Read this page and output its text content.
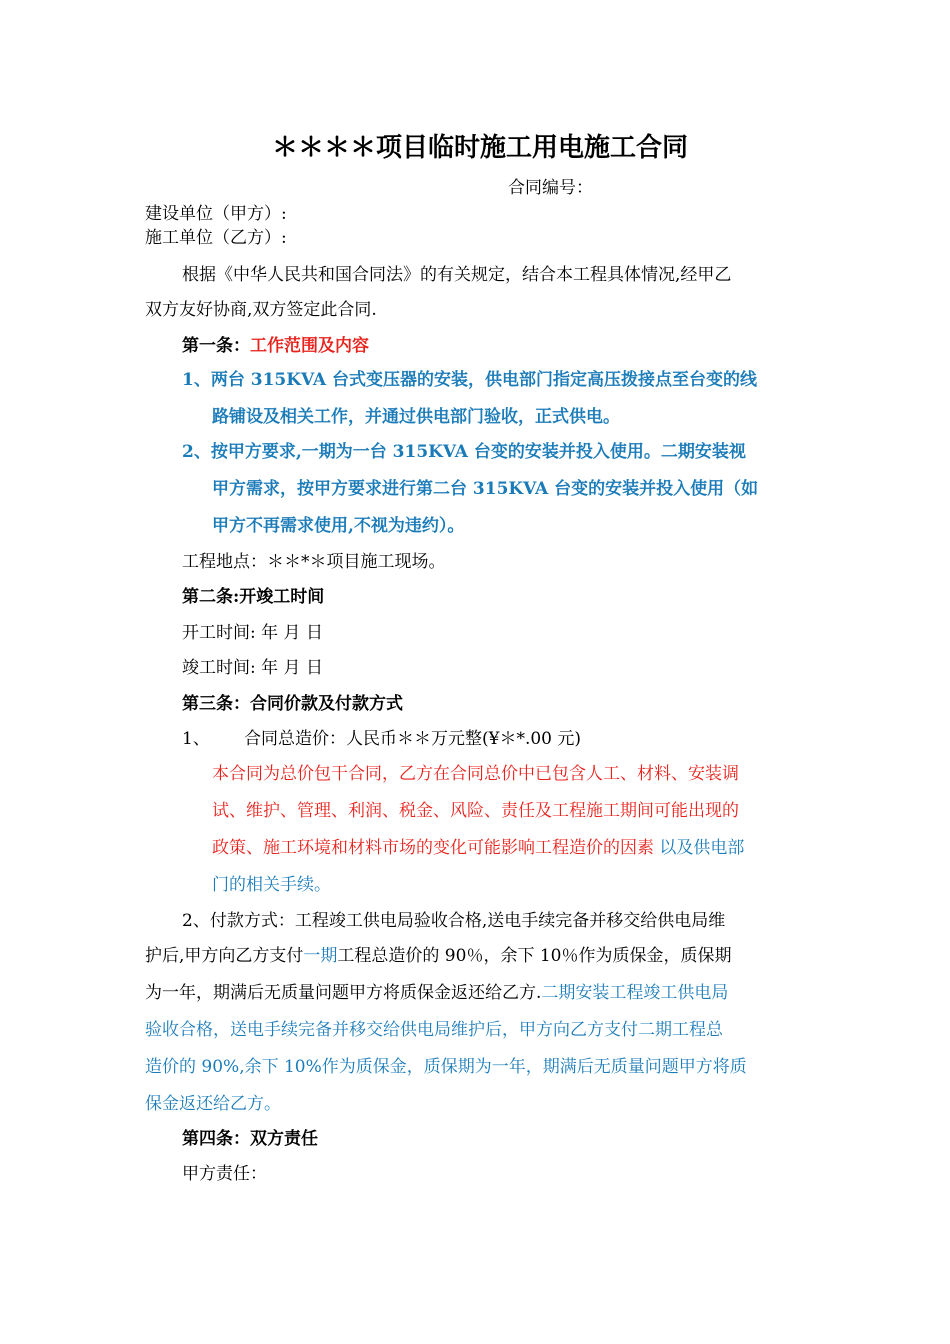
＊＊＊＊项目临时施工用电施工合同
合同编号：
建设单位（甲方）:
施工单位（乙方）:
根据《中华人民共和国合同法》的有关规定，结合本工程具体情况,经甲乙
双方友好协商,双方签定此合同.
第一条：工作范围及内容
1、两台 315KVA 台式变压器的安装，供电部门指定高压拨接点至台变的线
路铺设及相关工作，并通过供电部门验收，正式供电。
2、按甲方要求,一期为一台 315KVA 台变的安装并投入使用。二期安装视
甲方需求，按甲方要求进行第二台 315KVA 台变的安装并投入使用（如
甲方不再需求使用,不视为违约）。
工程地点：＊＊*＊项目施工现场。
第二条:开竣工时间
开工时间: 年 月 日
竣工时间: 年 月 日
第三条：合同价款及付款方式
1、 合同总造价：人民币＊＊万元整(¥＊*.00 元)
本合同为总价包干合同，乙方在合同总价中已包含人工、材料、安装调
试、维护、管理、利润、税金、风险、责任及工程施工期间可能出现的
政策、施工环境和材料市场的变化可能影响工程造价的因素 以及供电部
门的相关手续。
2、付款方式：工程竣工供电局验收合格,送电手续完备并移交给供电局维
护后,甲方向乙方支付一期工程总造价的 90％，余下 10％作为质保金，质保期
为一年，期满后无质量问题甲方将质保金返还给乙方.二期安装工程竣工供电局
验收合格，送电手续完备并移交给供电局维护后，甲方向乙方支付二期工程总
造价的 90%,余下 10%作为质保金，质保期为一年，期满后无质量问题甲方将质
保金返还给乙方。
第四条：双方责任
甲方责任：
